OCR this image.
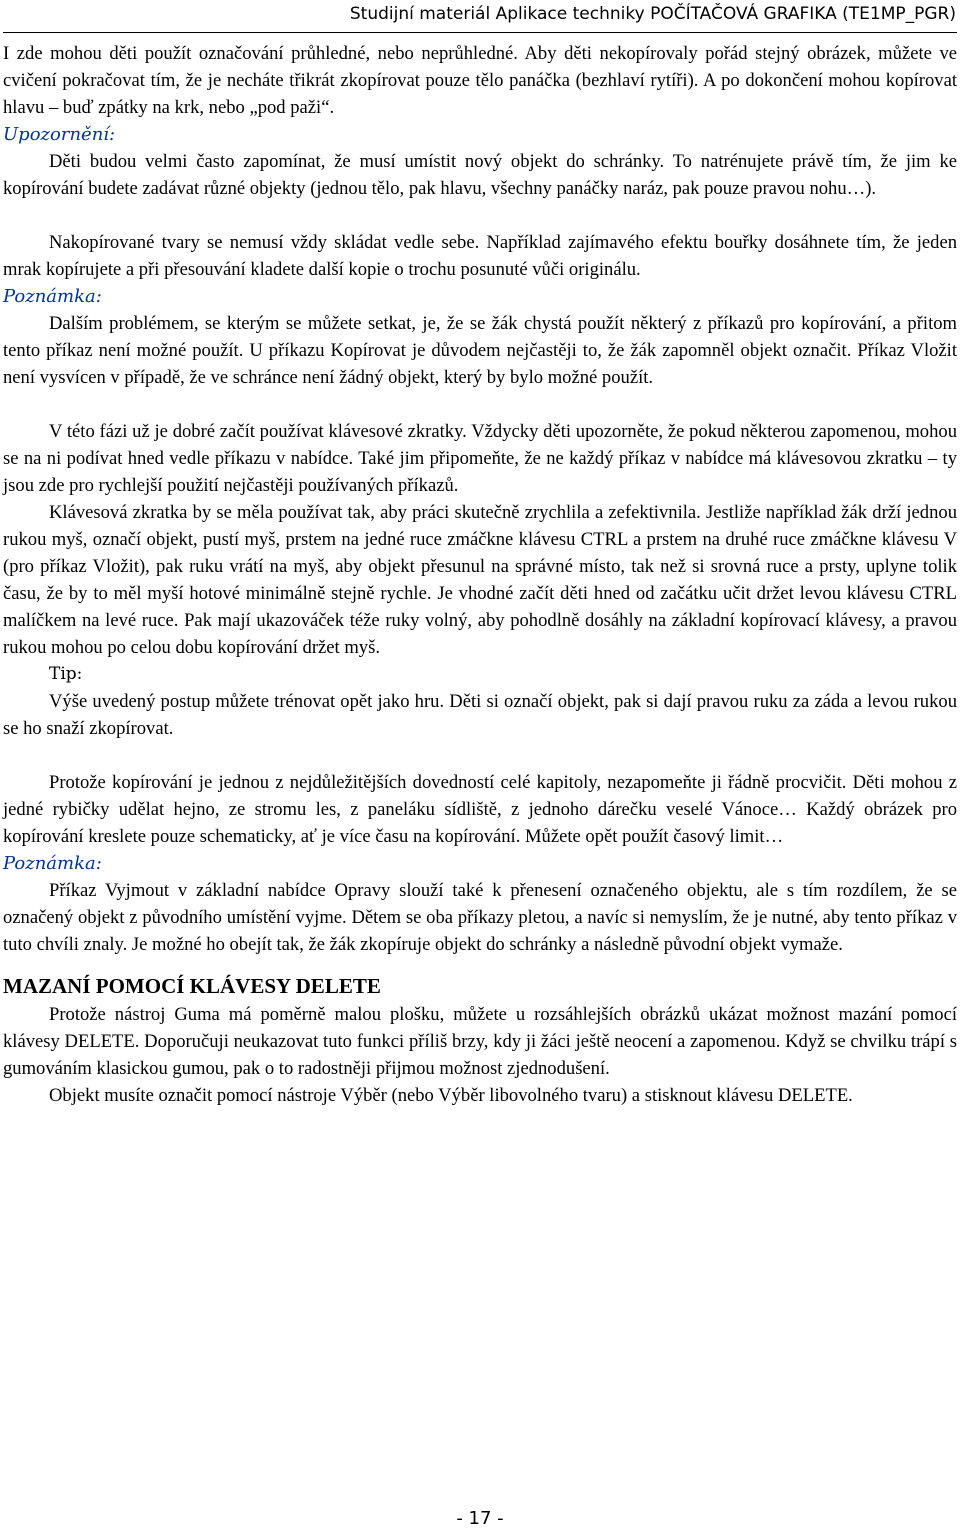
Studijní materiál Aplikace techniky POČÍTAČOVÁ GRAFIKA (TE1MP_PGR)

I zde mohou děti použít označování průhledné, nebo neprůhledné. Aby děti nekopírovaly pořád stejný obrázek, můžete ve cvičení pokračovat tím, že je necháte třikrát zkopírovat pouze tělo panáčka (bezhlaví rytíři). A po dokončení mohou kopírovat hlavu – buď zpátky na krk, nebo „pod paži“.

Upozornění:

Děti budou velmi často zapomínat, že musí umístit nový objekt do schránky. To natrénujete právě tím, že jim ke kopírování budete zadávat různé objekty (jednou tělo, pak hlavu, všechny panáčky naráz, pak pouze pravou nohu…).

Nakopírované tvary se nemusí vždy skládat vedle sebe. Například zajímavého efektu bouřky dosáhnete tím, že jeden mrak kopírujete a při přesouvání kladete další kopie o trochu posunuté vůči originálu.

Poznámka:

Dalším problémem, se kterým se můžete setkat, je, že se žák chystá použít některý z příkazů pro kopírování, a přitom tento příkaz není možné použít. U příkazu Kopírovat je důvodem nejčastěji to, že žák zapomněl objekt označit. Příkaz Vložit není vysvícen v případě, že ve schránce není žádný objekt, který by bylo možné použít.

V této fázi už je dobré začít používat klávesové zkratky. Vždycky děti upozorněte, že pokud některou zapomenou, mohou se na ni podívat hned vedle příkazu v nabídce. Také jim připomeňte, že ne každý příkaz v nabídce má klávesovou zkratku – ty jsou zde pro rychlejší použití nejčastěji používaných příkazů.

Klávesová zkratka by se měla používat tak, aby práci skutečně zrychlila a zefektivnila. Jestliže například žák drží jednou rukou myš, označí objekt, pustí myš, prstem na jedné ruce zmáčkne klávesu CTRL a prstem na druhé ruce zmáčkne klávesu V (pro příkaz Vložit), pak ruku vrátí na myš, aby objekt přesunul na správné místo, tak než si srovná ruce a prsty, uplyne tolik času, že by to měl myší hotové minimálně stejně rychle. Je vhodné začít děti hned od začátku učit držet levou klávesu CTRL malíčkem na levé ruce. Pak mají ukazováček téže ruky volný, aby pohodlně dosáhly na základní kopírovací klávesy, a pravou rukou mohou po celou dobu kopírování držet myš.

Tip:

Výše uvedený postup můžete trénovat opět jako hru. Děti si označí objekt, pak si dají pravou ruku za záda a levou rukou se ho snaží zkopírovat.

Protože kopírování je jednou z nejdůležitějších dovedností celé kapitoly, nezapomeňte ji řádně procvičit. Děti mohou z jedné rybičky udělat hejno, ze stromu les, z paneláku sídliště, z jednoho dárečku veselé Vánoce… Každý obrázek pro kopírování kreslete pouze schematicky, ať je více času na kopírování. Můžete opět použít časový limit…

Poznámka:

Příkaz Vyjmout v základní nabídce Opravy slouží také k přenesení označeného objektu, ale s tím rozdílem, že se označený objekt z původního umístění vyjme. Dětem se oba příkazy pletou, a navíc si nemyslím, že je nutné, aby tento příkaz v tuto chvíli znaly. Je možné ho obejít tak, že žák zkopíruje objekt do schránky a následně původní objekt vymaže.

MAZANÍ POMOCÍ KLÁVESY DELETE

Protože nástroj Guma má poměrně malou plošku, můžete u rozsáhlejších obrázků ukázat možnost mazání pomocí klávesy DELETE. Doporučuji neukazovat tuto funkci příliš brzy, kdy ji žáci ještě neocení a zapomenou. Když se chvilku trápí s gumováním klasickou gumou, pak o to radostněji přijmou možnost zjednodušení.

Objekt musíte označit pomocí nástroje Výběr (nebo Výběr libovolného tvaru) a stisknout klávesu DELETE.

- 17 -
